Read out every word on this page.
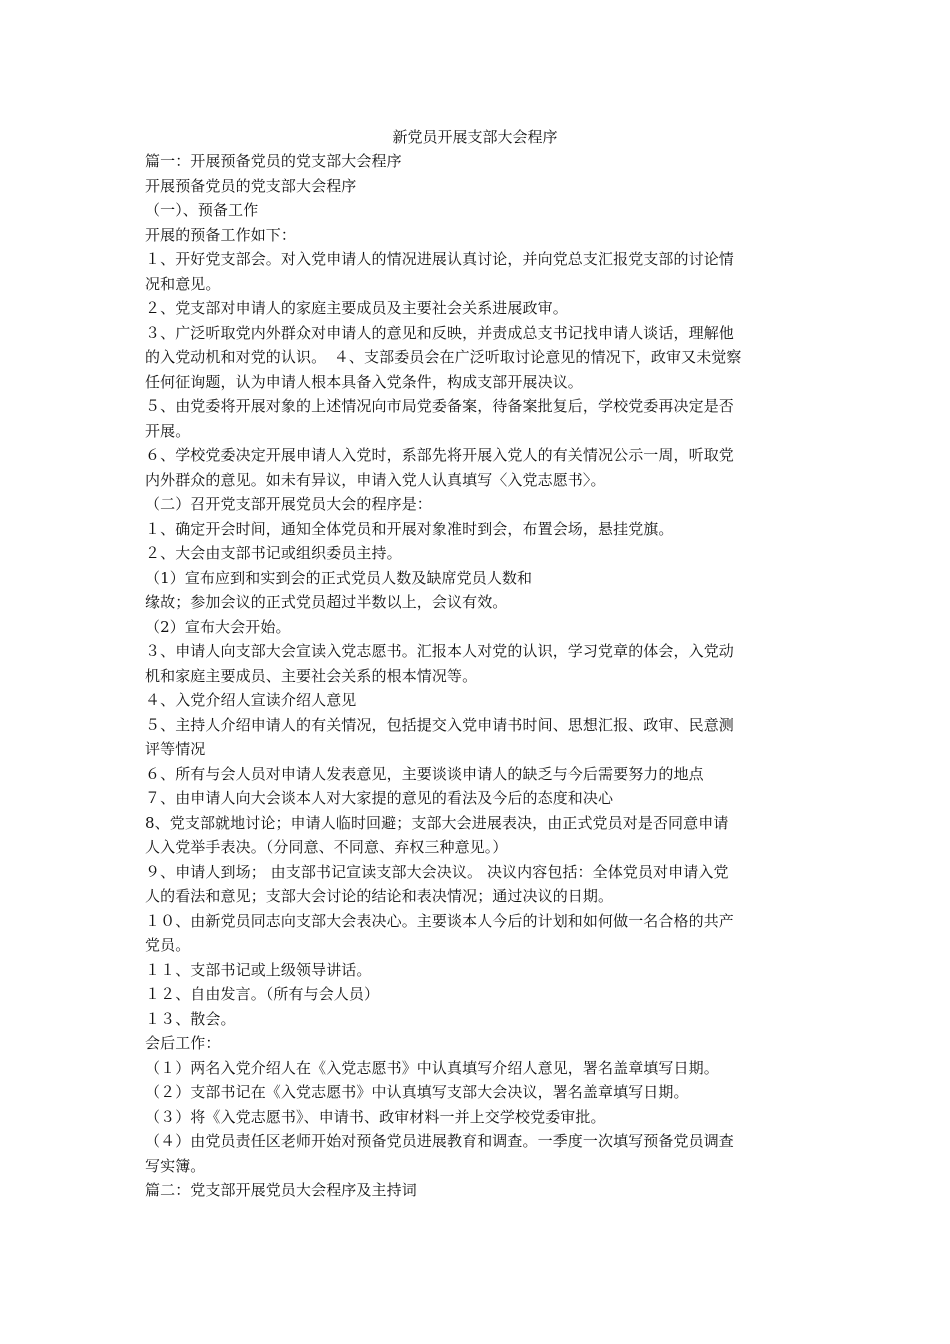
新党员开展支部大会程序
篇一：开展预备党员的党支部大会程序
开展预备党员的党支部大会程序
（一）、预备工作
开展的预备工作如下：
１、开好党支部会。对入党申请人的情况进展认真讨论，并向党总支汇报党支部的讨论情
况和意见。
２、党支部对申请人的家庭主要成员及主要社会关系进展政审。
３、广泛听取党内外群众对申请人的意见和反映，并责成总支书记找申请人谈话，理解他
的入党动机和对党的认识。　４、支部委员会在广泛听取讨论意见的情况下，政审又未觉察
任何征询题，认为申请人根本具备入党条件，构成支部开展决议。
５、由党委将开展对象的上述情况向市局党委备案，待备案批复后，学校党委再决定是否
开展。
６、学校党委决定开展申请人入党时，系部先将开展入党人的有关情况公示一周，听取党
内外群众的意见。如未有异议，申请入党人认真填写〈入党志愿书〉。
（二）召开党支部开展党员大会的程序是：
１、确定开会时间，通知全体党员和开展对象准时到会，布置会场，悬挂党旗。
２、大会由支部书记或组织委员主持。
（1）宣布应到和实到会的正式党员人数及缺席党员人数和
缘故；参加会议的正式党员超过半数以上，会议有效。
（2）宣布大会开始。
３、申请人向支部大会宣读入党志愿书。汇报本人对党的认识，学习党章的体会，入党动
机和家庭主要成员、主要社会关系的根本情况等。
４、入党介绍人宣读介绍人意见
５、主持人介绍申请人的有关情况，包括提交入党申请书时间、思想汇报、政审、民意测
评等情况
６、所有与会人员对申请人发表意见，主要谈谈申请人的缺乏与今后需要努力的地点
７、由申请人向大会谈本人对大家提的意见的看法及今后的态度和决心
8、党支部就地讨论；申请人临时回避；支部大会进展表决，由正式党员对是否同意申请
人入党举手表决。（分同意、不同意、弃权三种意见。）
９、申请人到场； 由支部书记宣读支部大会决议。 决议内容包括：全体党员对申请入党
人的看法和意见；支部大会讨论的结论和表决情况；通过决议的日期。
１０、由新党员同志向支部大会表决心。主要谈本人今后的计划和如何做一名合格的共产
党员。
１１、支部书记或上级领导讲话。
１２、自由发言。（所有与会人员）
１３、散会。
会后工作：
（１）两名入党介绍人在《入党志愿书》中认真填写介绍人意见，署名盖章填写日期。
（２）支部书记在《入党志愿书》中认真填写支部大会决议，署名盖章填写日期。
（３）将《入党志愿书》、申请书、政审材料一并上交学校党委审批。
（４）由党员责任区老师开始对预备党员进展教育和调查。一季度一次填写预备党员调查
写实簿。
篇二：党支部开展党员大会程序及主持词
